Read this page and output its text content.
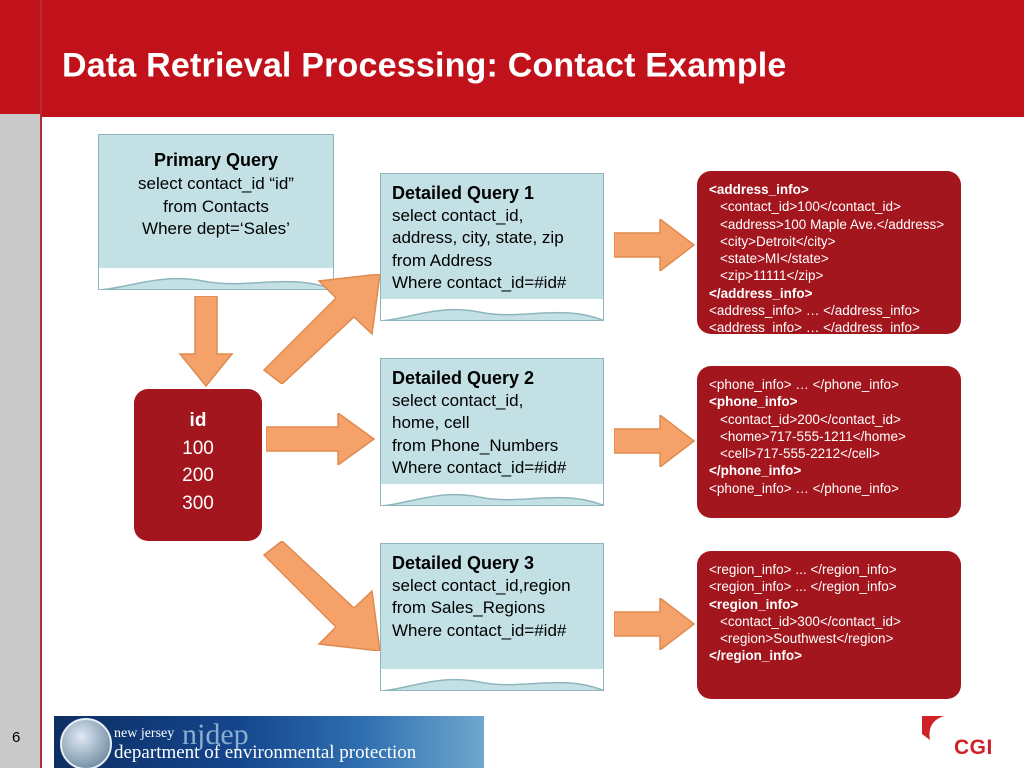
Data Retrieval Processing: Contact Example
Primary Query
select contact_id “id”
from Contacts
Where dept=‘Sales’
id
100
200
300
Detailed Query 1
select contact_id,
address, city, state, zip
from Address
Where contact_id=#id#
Detailed Query 2
select contact_id,
home, cell
from Phone_Numbers
Where contact_id=#id#
Detailed Query 3
select contact_id,region
from Sales_Regions
Where contact_id=#id#
<address_info>
<contact_id>100</contact_id>
<address>100 Maple Ave.</address>
<city>Detroit</city>
<state>MI</state>
<zip>11111</zip>
</address_info>
<address_info> … </address_info>
<address_info> … </address_info>
<phone_info> … </phone_info>
<phone_info>
<contact_id>200</contact_id>
<home>717-555-1211</home>
<cell>717-555-2212</cell>
</phone_info>
<phone_info> … </phone_info>
<region_info> ... </region_info>
<region_info> ... </region_info>
<region_info>
<contact_id>300</contact_id>
<region>Southwest</region>
</region_info>
6	njdep
new jersey
department of environmental protection	CGI
